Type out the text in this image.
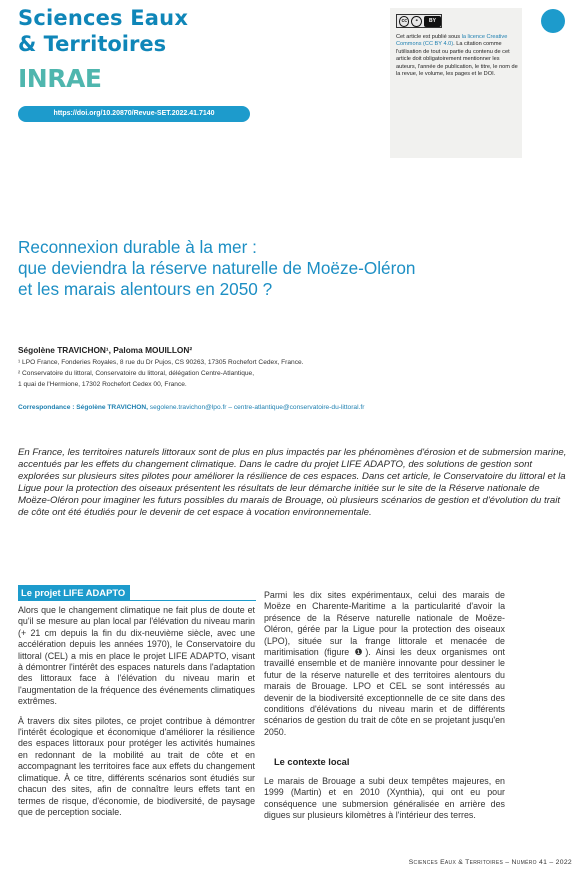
Sciences Eaux
& Territoires
INRAE
https://doi.org/10.20870/Revue-SET.2022.41.7140
cc	⚬	BY
Cet article est publié sous la licence Creative Commons (CC BY 4.0). La citation comme l'utilisation de tout ou partie du contenu de cet article doit obligatoirement mentionner les auteurs, l'année de publication, le titre, le nom de la revue, le volume, les pages et le DOI.
Reconnexion durable à la mer :
que deviendra la réserve naturelle de Moëze-Oléron
et les marais alentours en 2050 ?
Ségolène TRAVICHON¹, Paloma MOUILLON²
¹ LPO France, Fonderies Royales, 8 rue du Dr Pujos, CS 90263, 17305 Rochefort Cedex, France.
² Conservatoire du littoral, Conservatoire du littoral, délégation Centre-Atlantique,
1 quai de l'Hermione, 17302 Rochefort Cedex 00, France.
Correspondance : Ségolène TRAVICHON, segolene.travichon@lpo.fr – centre-atlantique@conservatoire-du-littoral.fr
En France, les territoires naturels littoraux sont de plus en plus impactés par les phénomènes d'érosion et de submersion marine, accentués par les effets du changement climatique. Dans le cadre du projet LIFE ADAPTO, des solutions de gestion sont explorées sur plusieurs sites pilotes pour améliorer la résilience de ces espaces. Dans cet article, le Conservatoire du littoral et la Ligue pour la protection des oiseaux présentent les résultats de leur démarche initiée sur le site de la Réserve nationale de Moëze-Oléron pour imaginer les futurs possibles du marais de Brouage, où plusieurs scénarios de gestion et d'évolution du trait de côte ont été étudiés pour le devenir de cet espace à vocation environnementale.
Le projet LIFE ADAPTO

Alors que le changement climatique ne fait plus de doute et qu'il se mesure au plan local par l'élévation du niveau marin (+ 21 cm depuis la fin du dix-neuvième siècle, avec une accélération depuis les années 1970), le Conservatoire du littoral (CEL) a mis en place le projet LIFE ADAPTO, visant à démontrer l'intérêt des espaces naturels dans l'adaptation des littoraux face à l'élévation du niveau marin et l'augmentation de la fréquence des événements climatiques extrêmes.

À travers dix sites pilotes, ce projet contribue à démontrer l'intérêt écologique et économique d'améliorer la résilience des espaces littoraux pour protéger les activités humaines en redonnant de la mobilité au trait de côte et en accompagnant les territoires face aux effets du changement climatique. À ce titre, différents scénarios sont étudiés sur chacun des sites, afin de connaître leurs effets tant en termes de risque, d'économie, de biodiversité, de paysage que de perception sociale.

Parmi les dix sites expérimentaux, celui des marais de Moëze en Charente-Maritime a la particularité d'avoir la présence de la Réserve naturelle nationale de Moëze-Oléron, gérée par la Ligue pour la protection des oiseaux (LPO), située sur la frange littorale et menacée de maritimisation (figure ❶). Ainsi les deux organismes ont travaillé ensemble et de manière innovante pour dessiner le futur de la réserve naturelle et des territoires alentours du marais de Brouage. LPO et CEL se sont intéressés au devenir de la biodiversité exceptionnelle de ce site dans des conditions d'élévations du niveau marin et de différents scénarios de gestion du trait de côte en se projetant jusqu'en 2050.

Le contexte local

Le marais de Brouage a subi deux tempêtes majeures, en 1999 (Martin) et en 2010 (Xynthia), qui ont eu pour conséquence une submersion généralisée en arrière des digues sur plusieurs kilomètres à l'intérieur des terres.

Sciences Eaux & Territoires – Numéro 41 – 2022
